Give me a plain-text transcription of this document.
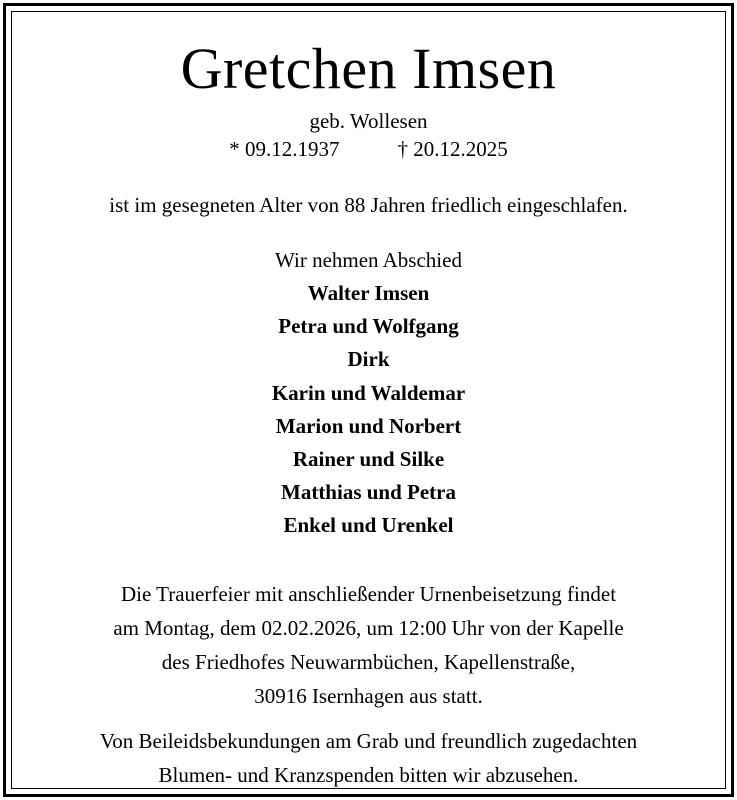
Gretchen Imsen
geb. Wollesen
* 09.12.1937	† 20.12.2025
ist im gesegneten Alter von 88 Jahren friedlich eingeschlafen.
Wir nehmen Abschied
Walter Imsen
Petra und Wolfgang
Dirk
Karin und Waldemar
Marion und Norbert
Rainer und Silke
Matthias und Petra
Enkel und Urenkel
Die Trauerfeier mit anschließender Urnenbeisetzung findet
am Montag, dem 02.02.2026, um 12:00 Uhr von der Kapelle
des Friedhofes Neuwarmbüchen, Kapellenstraße,
30916 Isernhagen aus statt.
Von Beileidsbekundungen am Grab und freundlich zugedachten
Blumen- und Kranzspenden bitten wir abzusehen.
